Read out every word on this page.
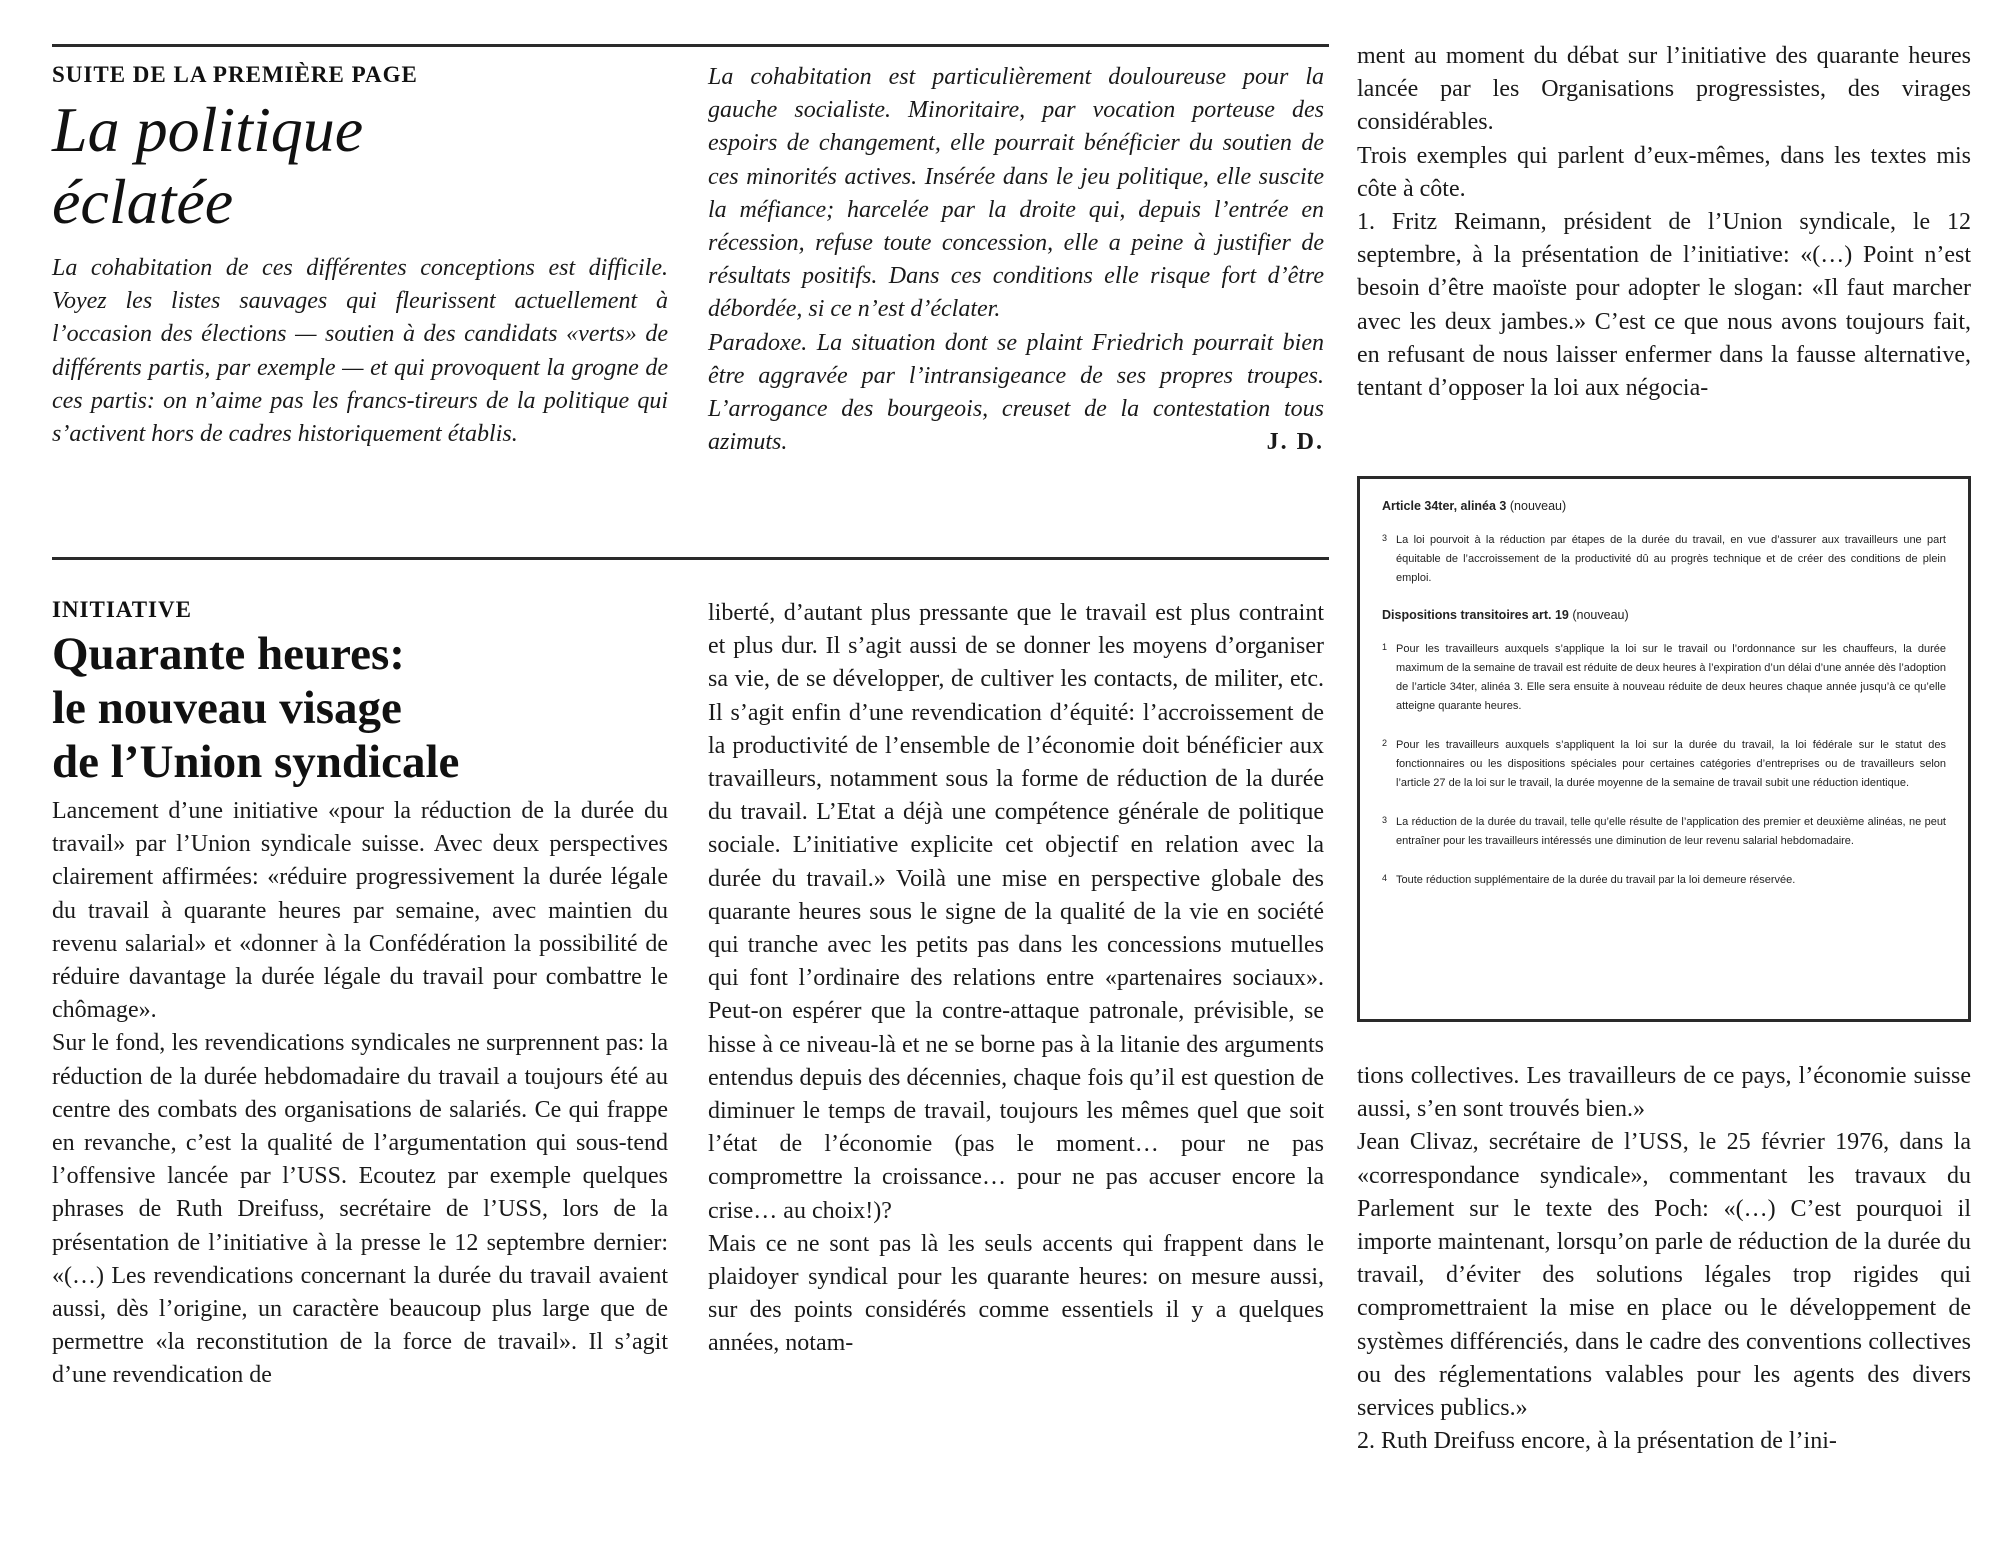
SUITE DE LA PREMIÈRE PAGE

La politique
éclatée

La cohabitation de ces différentes conceptions est difficile. Voyez les listes sauvages qui fleurissent actuellement à l’occasion des élections — soutien à des candidats «verts» de différents partis, par exemple — et qui provoquent la grogne de ces partis: on n’aime pas les francs-tireurs de la politique qui s’activent hors de cadres historiquement établis.

La cohabitation est particulièrement douloureuse pour la gauche socialiste. Minoritaire, par vocation porteuse des espoirs de changement, elle pourrait bénéficier du soutien de ces minorités actives. Insérée dans le jeu politique, elle suscite la méfiance; harcelée par la droite qui, depuis l’entrée en récession, refuse toute concession, elle a peine à justifier de résultats positifs. Dans ces conditions elle risque fort d’être débordée, si ce n’est d’éclater.

Paradoxe. La situation dont se plaint Friedrich pourrait bien être aggravée par l’intransigeance de ses propres troupes. L’arrogance des bourgeois, creuset de la contestation tous azimuts.	J. D.

INITIATIVE

Quarante heures:
le nouveau visage
de l’Union syndicale

Lancement d’une initiative «pour la réduction de la durée du travail» par l’Union syndicale suisse. Avec deux perspectives clairement affirmées: «réduire progressivement la durée légale du travail à quarante heures par semaine, avec maintien du revenu salarial» et «donner à la Confédération la possibilité de réduire davantage la durée légale du travail pour combattre le chômage».

Sur le fond, les revendications syndicales ne surprennent pas: la réduction de la durée hebdomadaire du travail a toujours été au centre des combats des organisations de salariés. Ce qui frappe en revanche, c’est la qualité de l’argumentation qui sous-tend l’offensive lancée par l’USS. Ecoutez par exemple quelques phrases de Ruth Dreifuss, secrétaire de l’USS, lors de la présentation de l’initiative à la presse le 12 septembre dernier: «(…) Les revendications concernant la durée du travail avaient aussi, dès l’origine, un caractère beaucoup plus large que de permettre «la reconstitution de la force de travail». Il s’agit d’une revendication de

liberté, d’autant plus pressante que le travail est plus contraint et plus dur. Il s’agit aussi de se donner les moyens d’organiser sa vie, de se développer, de cultiver les contacts, de militer, etc. Il s’agit enfin d’une revendication d’équité: l’accroissement de la productivité de l’ensemble de l’économie doit bénéficier aux travailleurs, notamment sous la forme de réduction de la durée du travail. L’Etat a déjà une compétence générale de politique sociale. L’initiative explicite cet objectif en relation avec la durée du travail.» Voilà une mise en perspective globale des quarante heures sous le signe de la qualité de la vie en société qui tranche avec les petits pas dans les concessions mutuelles qui font l’ordinaire des relations entre «partenaires sociaux». Peut-on espérer que la contre-attaque patronale, prévisible, se hisse à ce niveau-là et ne se borne pas à la litanie des arguments entendus depuis des décennies, chaque fois qu’il est question de diminuer le temps de travail, toujours les mêmes quel que soit l’état de l’économie (pas le moment… pour ne pas compromettre la croissance… pour ne pas accuser encore la crise… au choix!)?

Mais ce ne sont pas là les seuls accents qui frappent dans le plaidoyer syndical pour les quarante heures: on mesure aussi, sur des points considérés comme essentiels il y a quelques années, notam-

ment au moment du débat sur l’initiative des quarante heures lancée par les Organisations progressistes, des virages considérables.

Trois exemples qui parlent d’eux-mêmes, dans les textes mis côte à côte.

1. Fritz Reimann, président de l’Union syndicale, le 12 septembre, à la présentation de l’initiative: «(…) Point n’est besoin d’être maoïste pour adopter le slogan: «Il faut marcher avec les deux jambes.» C’est ce que nous avons toujours fait, en refusant de nous laisser enfermer dans la fausse alternative, tentant d’opposer la loi aux négocia-

Article 34ter, alinéa 3 (nouveau)
3 La loi pourvoit à la réduction par étapes de la durée du travail, en vue d’assurer aux travailleurs une part équitable de l’accroissement de la productivité dû au progrès technique et de créer des conditions de plein emploi.
Dispositions transitoires art. 19 (nouveau)
1 Pour les travailleurs auxquels s’applique la loi sur le travail ou l’ordonnance sur les chauffeurs, la durée maximum de la semaine de travail est réduite de deux heures à l’expiration d’un délai d’une année dès l’adoption de l’article 34ter, alinéa 3. Elle sera ensuite à nouveau réduite de deux heures chaque année jusqu’à ce qu’elle atteigne quarante heures.
2 Pour les travailleurs auxquels s’appliquent la loi sur la durée du travail, la loi fédérale sur le statut des fonctionnaires ou les dispositions spéciales pour certaines catégories d’entreprises ou de travailleurs selon l’article 27 de la loi sur le travail, la durée moyenne de la semaine de travail subit une réduction identique.
3 La réduction de la durée du travail, telle qu’elle résulte de l’application des premier et deuxième alinéas, ne peut entraîner pour les travailleurs intéressés une diminution de leur revenu salarial hebdomadaire.
4 Toute réduction supplémentaire de la durée du travail par la loi demeure réservée.

tions collectives. Les travailleurs de ce pays, l’économie suisse aussi, s’en sont trouvés bien.»

Jean Clivaz, secrétaire de l’USS, le 25 février 1976, dans la «correspondance syndicale», commentant les travaux du Parlement sur le texte des Poch: «(…) C’est pourquoi il importe maintenant, lorsqu’on parle de réduction de la durée du travail, d’éviter des solutions légales trop rigides qui compromettraient la mise en place ou le développement de systèmes différenciés, dans le cadre des conventions collectives ou des réglementations valables pour les agents des divers services publics.»

2. Ruth Dreifuss encore, à la présentation de l’ini-
